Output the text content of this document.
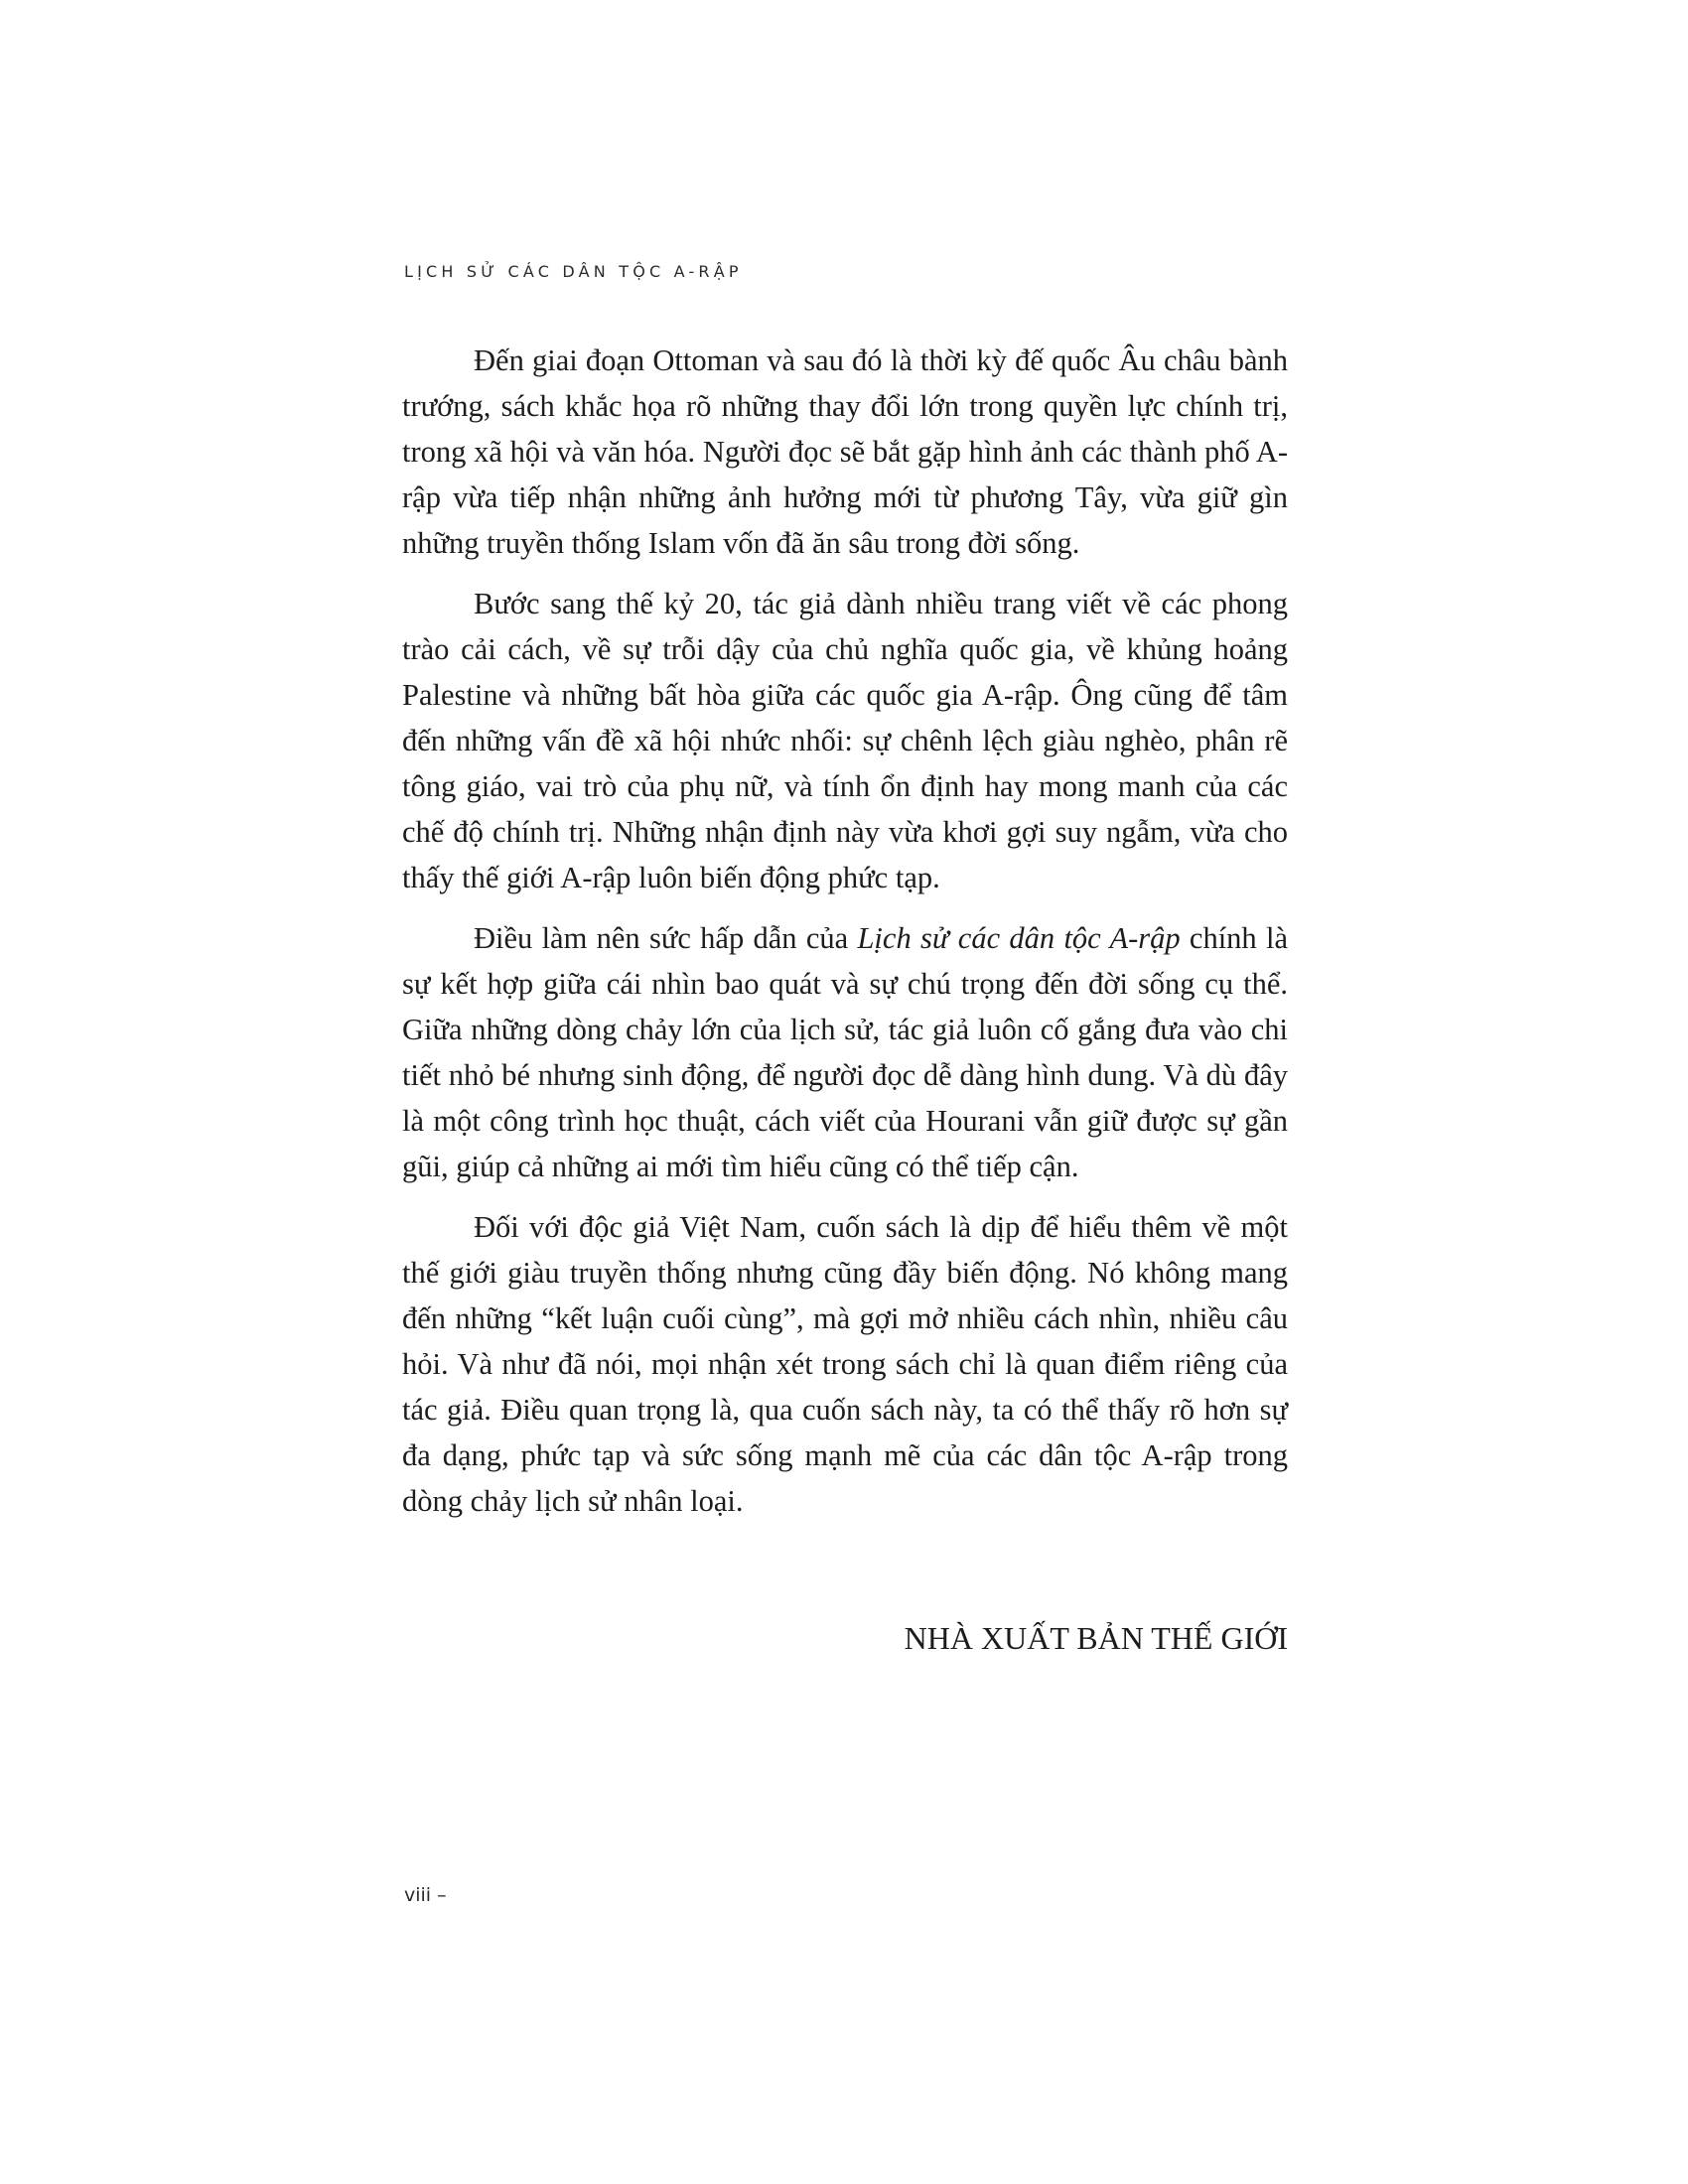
LỊCH SỬ CÁC DÂN TỘC A-RẬP

Đến giai đoạn Ottoman và sau đó là thời kỳ đế quốc Âu châu bành trướng, sách khắc họa rõ những thay đổi lớn trong quyền lực chính trị, trong xã hội và văn hóa. Người đọc sẽ bắt gặp hình ảnh các thành phố A-rập vừa tiếp nhận những ảnh hưởng mới từ phương Tây, vừa giữ gìn những truyền thống Islam vốn đã ăn sâu trong đời sống.

Bước sang thế kỷ 20, tác giả dành nhiều trang viết về các phong trào cải cách, về sự trỗi dậy của chủ nghĩa quốc gia, về khủng hoảng Palestine và những bất hòa giữa các quốc gia A-rập. Ông cũng để tâm đến những vấn đề xã hội nhức nhối: sự chênh lệch giàu nghèo, phân rẽ tông giáo, vai trò của phụ nữ, và tính ổn định hay mong manh của các chế độ chính trị. Những nhận định này vừa khơi gợi suy ngẫm, vừa cho thấy thế giới A-rập luôn biến động phức tạp.

Điều làm nên sức hấp dẫn của Lịch sử các dân tộc A-rập chính là sự kết hợp giữa cái nhìn bao quát và sự chú trọng đến đời sống cụ thể. Giữa những dòng chảy lớn của lịch sử, tác giả luôn cố gắng đưa vào chi tiết nhỏ bé nhưng sinh động, để người đọc dễ dàng hình dung. Và dù đây là một công trình học thuật, cách viết của Hourani vẫn giữ được sự gần gũi, giúp cả những ai mới tìm hiểu cũng có thể tiếp cận.

Đối với độc giả Việt Nam, cuốn sách là dịp để hiểu thêm về một thế giới giàu truyền thống nhưng cũng đầy biến động. Nó không mang đến những “kết luận cuối cùng”, mà gợi mở nhiều cách nhìn, nhiều câu hỏi. Và như đã nói, mọi nhận xét trong sách chỉ là quan điểm riêng của tác giả. Điều quan trọng là, qua cuốn sách này, ta có thể thấy rõ hơn sự đa dạng, phức tạp và sức sống mạnh mẽ của các dân tộc A-rập trong dòng chảy lịch sử nhân loại.

NHÀ XUẤT BẢN THẾ GIỚI
viii –
